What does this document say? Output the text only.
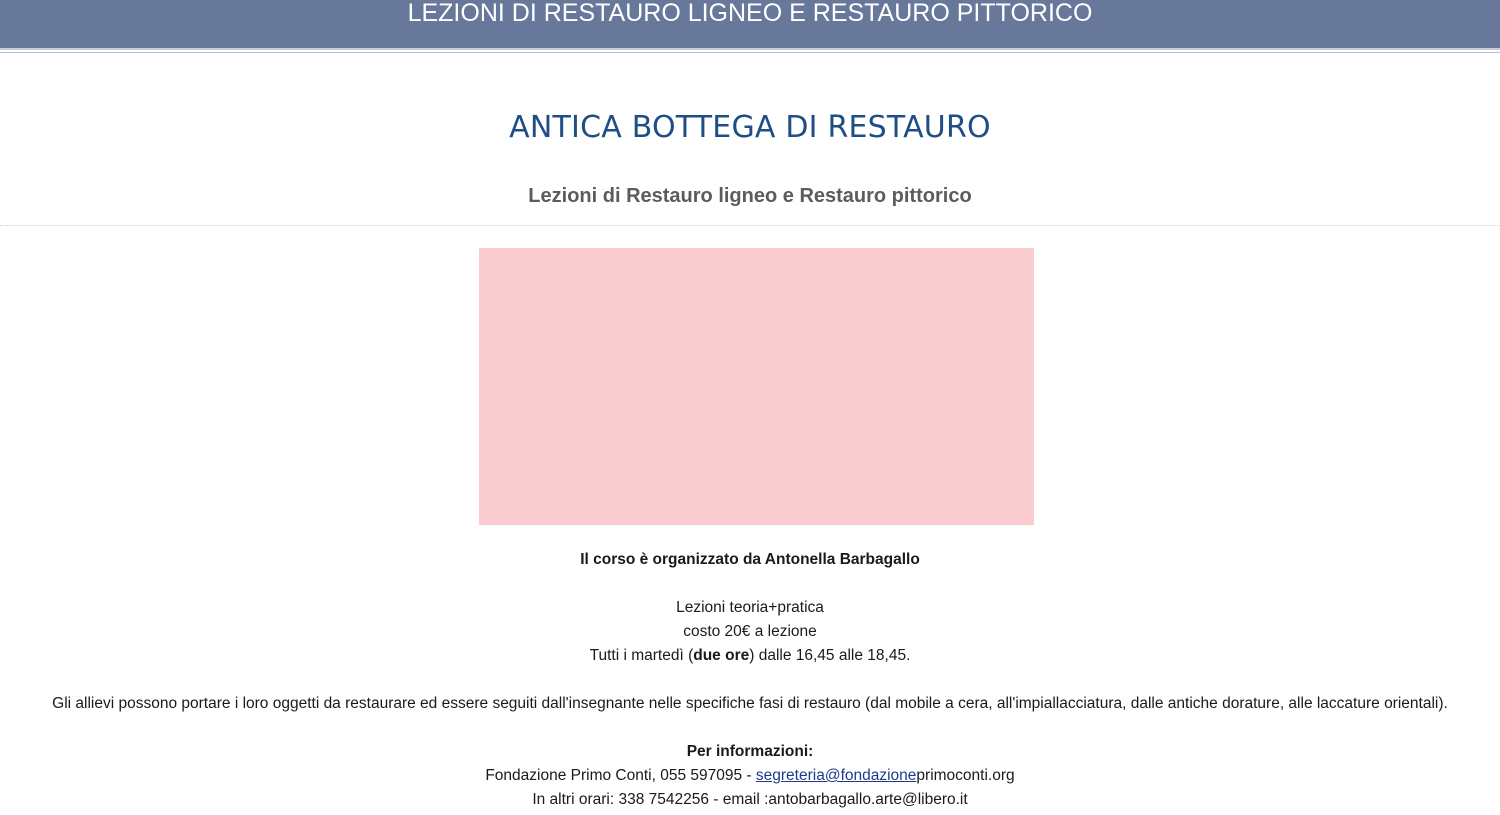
LEZIONI DI RESTAURO LIGNEO E RESTAURO PITTORICO
ANTICA BOTTEGA DI RESTAURO
Lezioni di Restauro ligneo e Restauro pittorico
Il corso è organizzato da Antonella Barbagallo
Lezioni teoria+pratica
costo 20€ a lezione
Tutti i martedì (due ore) dalle 16,45 alle 18,45.
Gli allievi possono portare i loro oggetti da restaurare ed essere seguiti dall'insegnante nelle specifiche fasi di restauro (dal mobile a cera, all'impiallacciatura, dalle antiche dorature, alle laccature orientali).
Per informazioni:
Fondazione Primo Conti, 055 597095 - segreteria@fondazioneprimoconti.org
In altri orari: 338 7542256 - email :antobarbagallo.arte@libero.it
